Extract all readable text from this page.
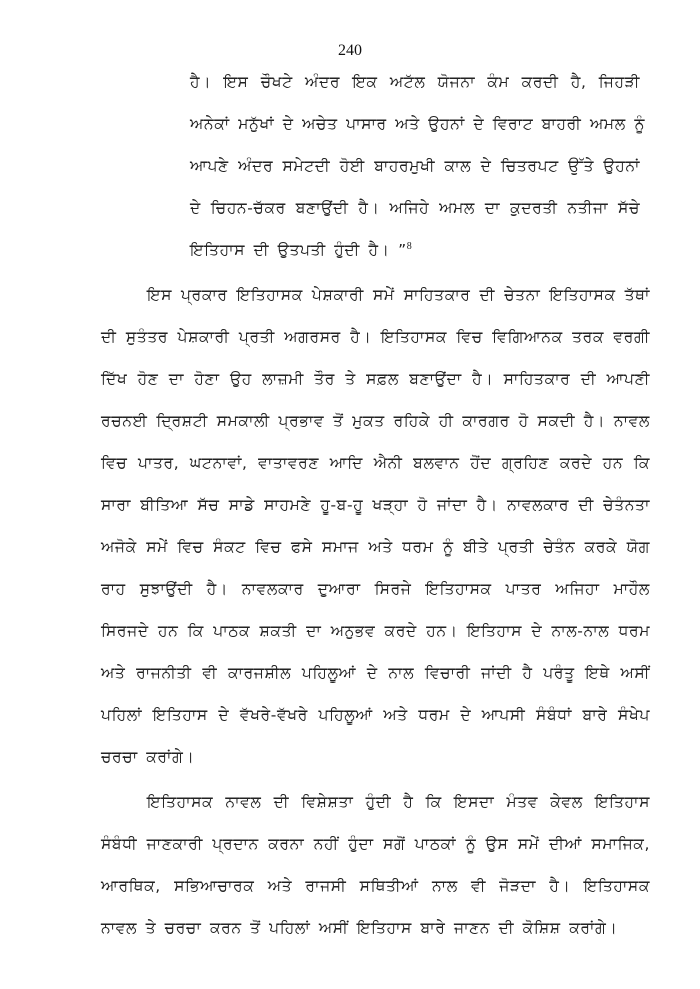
240
ਹੈ। ਇਸ ਚੌਖਟੇ ਅੰਦਰ ਇਕ ਅਟੱਲ ਯੋਜਨਾ ਕੰਮ ਕਰਦੀ ਹੈ, ਜਿਹੜੀ
ਅਨੇਕਾਂ ਮਨੁੱਖਾਂ ਦੇ ਅਚੇਤ ਪਾਸਾਰ ਅਤੇ ਉਹਨਾਂ ਦੇ ਵਿਰਾਟ ਬਾਹਰੀ ਅਮਲ ਨੂੰ
ਆਪਣੇ ਅੰਦਰ ਸਮੇਟਦੀ ਹੋਈ ਬਾਹਰਮੁਖੀ ਕਾਲ ਦੇ ਚਿਤਰਪਟ ਉੱਤੇ ਉਹਨਾਂ
ਦੇ ਚਿਹਨ-ਚੱਕਰ ਬਣਾਉਂਦੀ ਹੈ। ਅਜਿਹੇ ਅਮਲ ਦਾ ਕੁਦਰਤੀ ਨਤੀਜਾ ਸੱਚੇ
ਇਤਿਹਾਸ ਦੀ ਉਤਪਤੀ ਹੁੰਦੀ ਹੈ। ”$^8$
ਇਸ ਪ੍ਰਕਾਰ ਇਤਿਹਾਸਕ ਪੇਸ਼ਕਾਰੀ ਸਮੇਂ ਸਾਹਿਤਕਾਰ ਦੀ ਚੇਤਨਾ ਇਤਿਹਾਸਕ ਤੱਥਾਂ
ਦੀ ਸੁਤੰਤਰ ਪੇਸ਼ਕਾਰੀ ਪ੍ਰਤੀ ਅਗਰਸਰ ਹੈ। ਇਤਿਹਾਸਕ ਵਿਚ ਵਿਗਿਆਨਕ ਤਰਕ ਵਰਗੀ
ਦਿੱਖ ਹੋਣ ਦਾ ਹੋਣਾ ਉਹ ਲਾਜ਼ਮੀ ਤੌਰ ਤੇ ਸਫ਼ਲ ਬਣਾਉਂਦਾ ਹੈ। ਸਾਹਿਤਕਾਰ ਦੀ ਆਪਣੀ
ਰਚਨਈ ਦ੍ਰਿਸ਼ਟੀ ਸਮਕਾਲੀ ਪ੍ਰਭਾਵ ਤੋਂ ਮੁਕਤ ਰਹਿਕੇ ਹੀ ਕਾਰਗਰ ਹੋ ਸਕਦੀ ਹੈ। ਨਾਵਲ
ਵਿਚ ਪਾਤਰ, ਘਟਨਾਵਾਂ, ਵਾਤਾਵਰਣ ਆਦਿ ਐਨੀ ਬਲਵਾਨ ਹੋਂਦ ਗ੍ਰਹਿਣ ਕਰਦੇ ਹਨ ਕਿ
ਸਾਰਾ ਬੀਤਿਆ ਸੱਚ ਸਾਡੇ ਸਾਹਮਣੇ ਹੂ-ਬ-ਹੂ ਖੜ੍ਹਾ ਹੋ ਜਾਂਦਾ ਹੈ। ਨਾਵਲਕਾਰ ਦੀ ਚੇਤੰਨਤਾ
ਅਜੋਕੇ ਸਮੇਂ ਵਿਚ ਸੰਕਟ ਵਿਚ ਫਸੇ ਸਮਾਜ ਅਤੇ ਧਰਮ ਨੂੰ ਬੀਤੇ ਪ੍ਰਤੀ ਚੇਤੰਨ ਕਰਕੇ ਯੋਗ
ਰਾਹ ਸੁਝਾਉਂਦੀ ਹੈ। ਨਾਵਲਕਾਰ ਦੁਆਰਾ ਸਿਰਜੇ ਇਤਿਹਾਸਕ ਪਾਤਰ ਅਜਿਹਾ ਮਾਹੌਲ
ਸਿਰਜਦੇ ਹਨ ਕਿ ਪਾਠਕ ਸ਼ਕਤੀ ਦਾ ਅਨੁਭਵ ਕਰਦੇ ਹਨ। ਇਤਿਹਾਸ ਦੇ ਨਾਲ-ਨਾਲ ਧਰਮ
ਅਤੇ ਰਾਜਨੀਤੀ ਵੀ ਕਾਰਜਸ਼ੀਲ ਪਹਿਲੂਆਂ ਦੇ ਨਾਲ ਵਿਚਾਰੀ ਜਾਂਦੀ ਹੈ ਪਰੰਤੂ ਇਥੇ ਅਸੀਂ
ਪਹਿਲਾਂ ਇਤਿਹਾਸ ਦੇ ਵੱਖਰੇ-ਵੱਖਰੇ ਪਹਿਲੂਆਂ ਅਤੇ ਧਰਮ ਦੇ ਆਪਸੀ ਸੰਬੰਧਾਂ ਬਾਰੇ ਸੰਖੇਪ
ਚਰਚਾ ਕਰਾਂਗੇ।
ਇਤਿਹਾਸਕ ਨਾਵਲ ਦੀ ਵਿਸ਼ੇਸ਼ਤਾ ਹੁੰਦੀ ਹੈ ਕਿ ਇਸਦਾ ਮੰਤਵ ਕੇਵਲ ਇਤਿਹਾਸ
ਸੰਬੰਧੀ ਜਾਣਕਾਰੀ ਪ੍ਰਦਾਨ ਕਰਨਾ ਨਹੀਂ ਹੁੰਦਾ ਸਗੋਂ ਪਾਠਕਾਂ ਨੂੰ ਉਸ ਸਮੇਂ ਦੀਆਂ ਸਮਾਜਿਕ,
ਆਰਥਿਕ, ਸਭਿਆਚਾਰਕ ਅਤੇ ਰਾਜਸੀ ਸਥਿਤੀਆਂ ਨਾਲ ਵੀ ਜੋੜਦਾ ਹੈ। ਇਤਿਹਾਸਕ
ਨਾਵਲ ਤੇ ਚਰਚਾ ਕਰਨ ਤੋਂ ਪਹਿਲਾਂ ਅਸੀਂ ਇਤਿਹਾਸ ਬਾਰੇ ਜਾਣਨ ਦੀ ਕੋਸ਼ਿਸ਼ ਕਰਾਂਗੇ।
